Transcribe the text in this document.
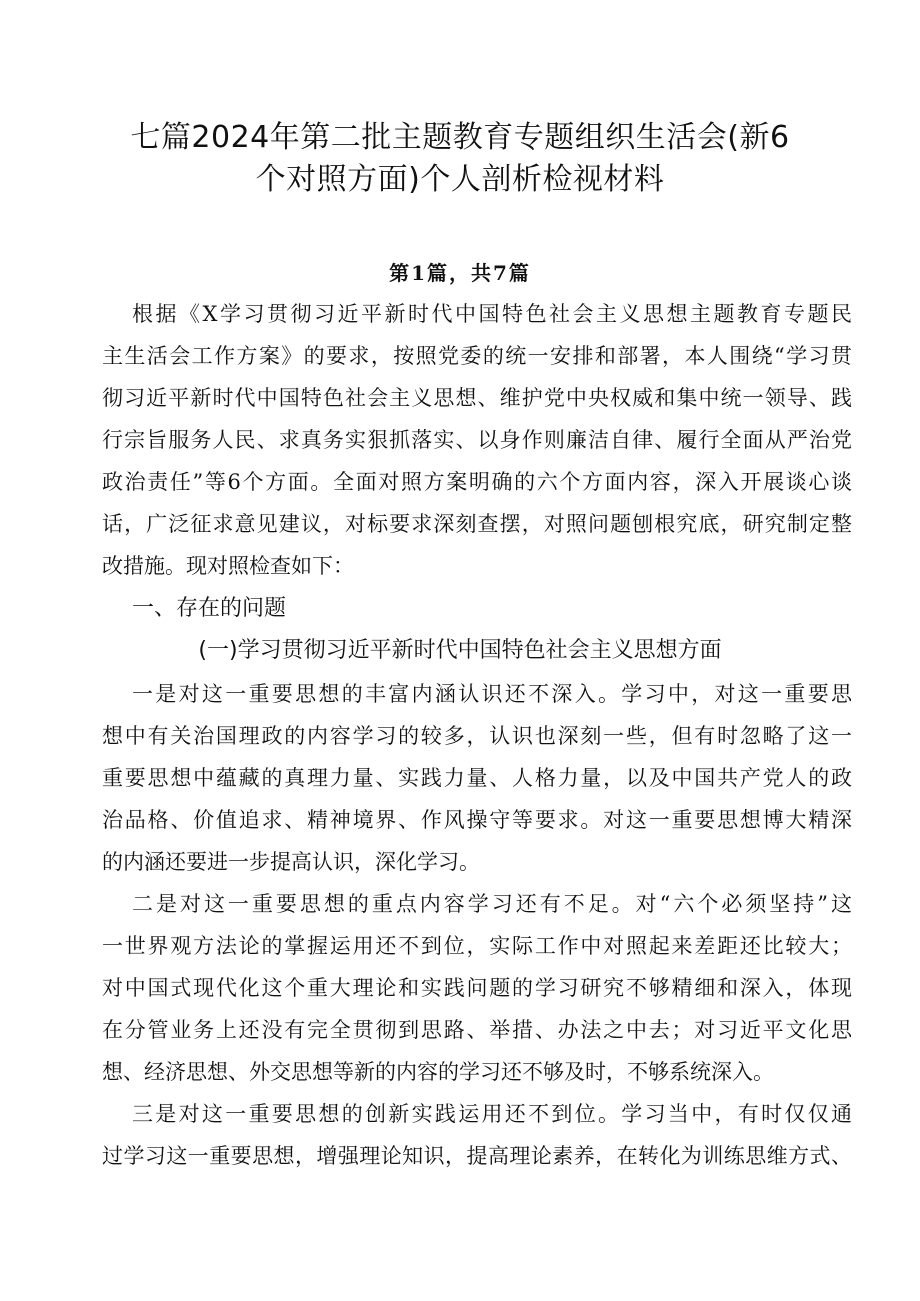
七篇2024年第二批主题教育专题组织生活会(新6
个对照方面)个人剖析检视材料
第1篇，共7篇
根据《X学习贯彻习近平新时代中国特色社会主义思想主题教育专题民
主生活会工作方案》的要求，按照党委的统一安排和部署，本人围绕“学习贯
彻习近平新时代中国特色社会主义思想、维护党中央权威和集中统一领导、践
行宗旨服务人民、求真务实狠抓落实、以身作则廉洁自律、履行全面从严治党
政治责任”等6个方面。全面对照方案明确的六个方面内容，深入开展谈心谈
话，广泛征求意见建议，对标要求深刻查摆，对照问题刨根究底，研究制定整
改措施。现对照检查如下：
一、存在的问题
(一)学习贯彻习近平新时代中国特色社会主义思想方面
一是对这一重要思想的丰富内涵认识还不深入。学习中，对这一重要思
想中有关治国理政的内容学习的较多，认识也深刻一些，但有时忽略了这一
重要思想中蕴藏的真理力量、实践力量、人格力量，以及中国共产党人的政
治品格、价值追求、精神境界、作风操守等要求。对这一重要思想博大精深
的内涵还要进一步提高认识，深化学习。
二是对这一重要思想的重点内容学习还有不足。对“六个必须坚持”这
一世界观方法论的掌握运用还不到位，实际工作中对照起来差距还比较大；
对中国式现代化这个重大理论和实践问题的学习研究不够精细和深入，体现
在分管业务上还没有完全贯彻到思路、举措、办法之中去；对习近平文化思
想、经济思想、外交思想等新的内容的学习还不够及时，不够系统深入。
三是对这一重要思想的创新实践运用还不到位。学习当中，有时仅仅通
过学习这一重要思想，增强理论知识，提高理论素养，在转化为训练思维方式、
